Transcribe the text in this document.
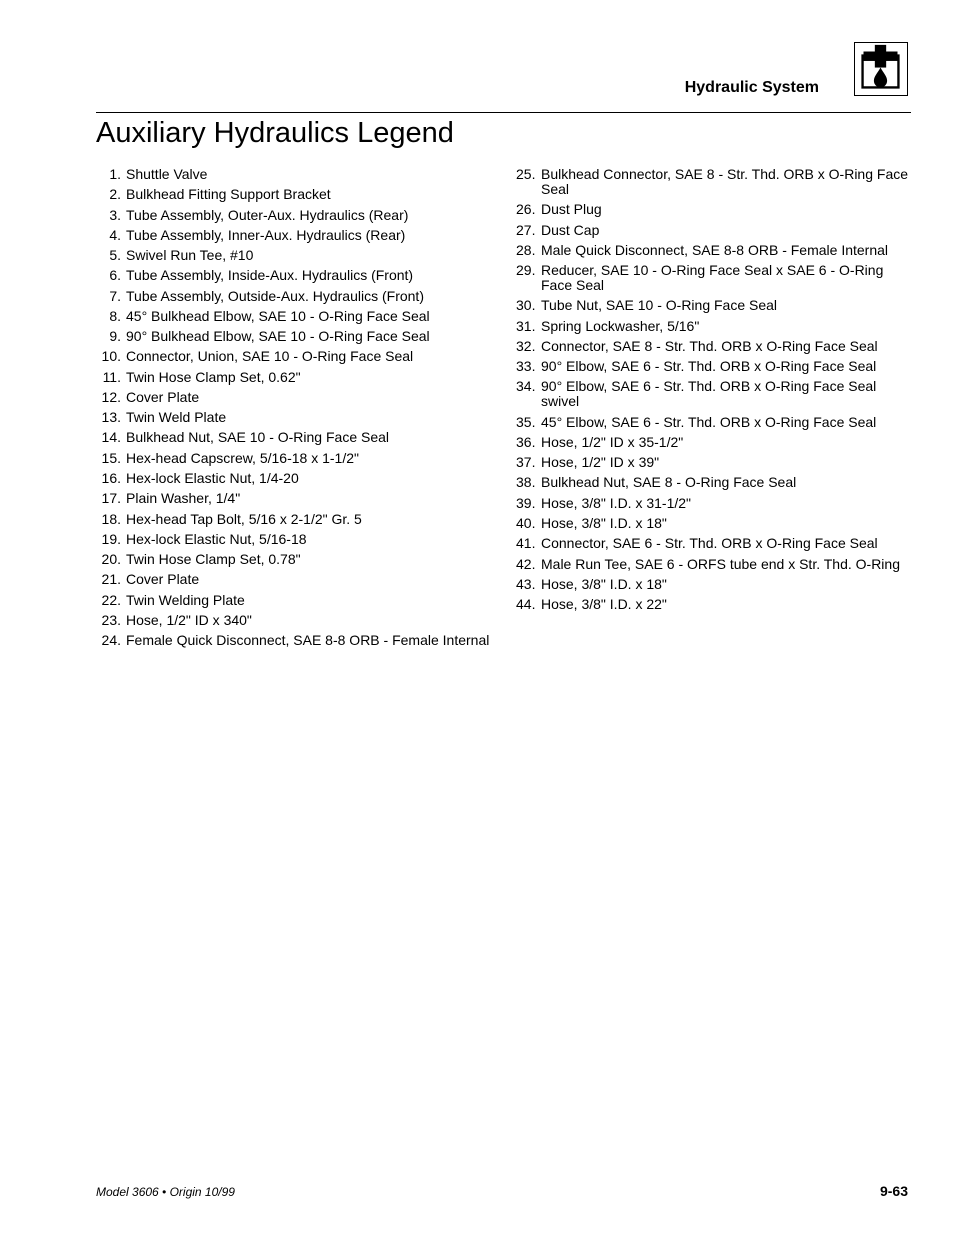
Hydraulic System
Auxiliary Hydraulics Legend
1. Shuttle Valve
2. Bulkhead Fitting Support Bracket
3. Tube Assembly, Outer-Aux. Hydraulics (Rear)
4. Tube Assembly, Inner-Aux. Hydraulics (Rear)
5. Swivel Run Tee, #10
6. Tube Assembly, Inside-Aux. Hydraulics (Front)
7. Tube Assembly, Outside-Aux. Hydraulics (Front)
8. 45° Bulkhead Elbow, SAE 10 - O-Ring Face Seal
9. 90° Bulkhead Elbow, SAE 10 - O-Ring Face Seal
10. Connector, Union, SAE 10 - O-Ring Face Seal
11. Twin Hose Clamp Set, 0.62"
12. Cover Plate
13. Twin Weld Plate
14. Bulkhead Nut, SAE 10 - O-Ring Face Seal
15. Hex-head Capscrew, 5/16-18 x 1-1/2"
16. Hex-lock Elastic Nut, 1/4-20
17. Plain Washer, 1/4"
18. Hex-head Tap Bolt, 5/16 x 2-1/2" Gr. 5
19. Hex-lock Elastic Nut, 5/16-18
20. Twin Hose Clamp Set, 0.78"
21. Cover Plate
22. Twin Welding Plate
23. Hose, 1/2" ID x 340"
24. Female Quick Disconnect, SAE 8-8 ORB - Female Internal
25. Bulkhead Connector, SAE 8 - Str. Thd. ORB x O-Ring Face
Seal
26. Dust Plug
27. Dust Cap
28. Male Quick Disconnect, SAE 8-8 ORB - Female Internal
29. Reducer, SAE 10 - O-Ring Face Seal x SAE 6 - O-Ring
Face Seal
30. Tube Nut, SAE 10 - O-Ring Face Seal
31. Spring Lockwasher, 5/16"
32. Connector, SAE 8 - Str. Thd. ORB x O-Ring Face Seal
33. 90° Elbow, SAE 6 - Str. Thd. ORB x O-Ring Face Seal
34. 90° Elbow, SAE 6 - Str. Thd. ORB x O-Ring Face Seal
swivel
35. 45° Elbow, SAE 6 - Str. Thd. ORB x O-Ring Face Seal
36. Hose, 1/2" ID x 35-1/2"
37. Hose, 1/2" ID x 39"
38. Bulkhead Nut, SAE 8 - O-Ring Face Seal
39. Hose, 3/8" I.D. x 31-1/2"
40. Hose, 3/8" I.D. x 18"
41. Connector, SAE 6 - Str. Thd. ORB x O-Ring Face Seal
42. Male Run Tee, SAE 6 - ORFS tube end x Str. Thd. O-Ring
43. Hose, 3/8" I.D. x 18"
44. Hose, 3/8" I.D. x 22"
Model 3606 • Origin 10/99	9-63
